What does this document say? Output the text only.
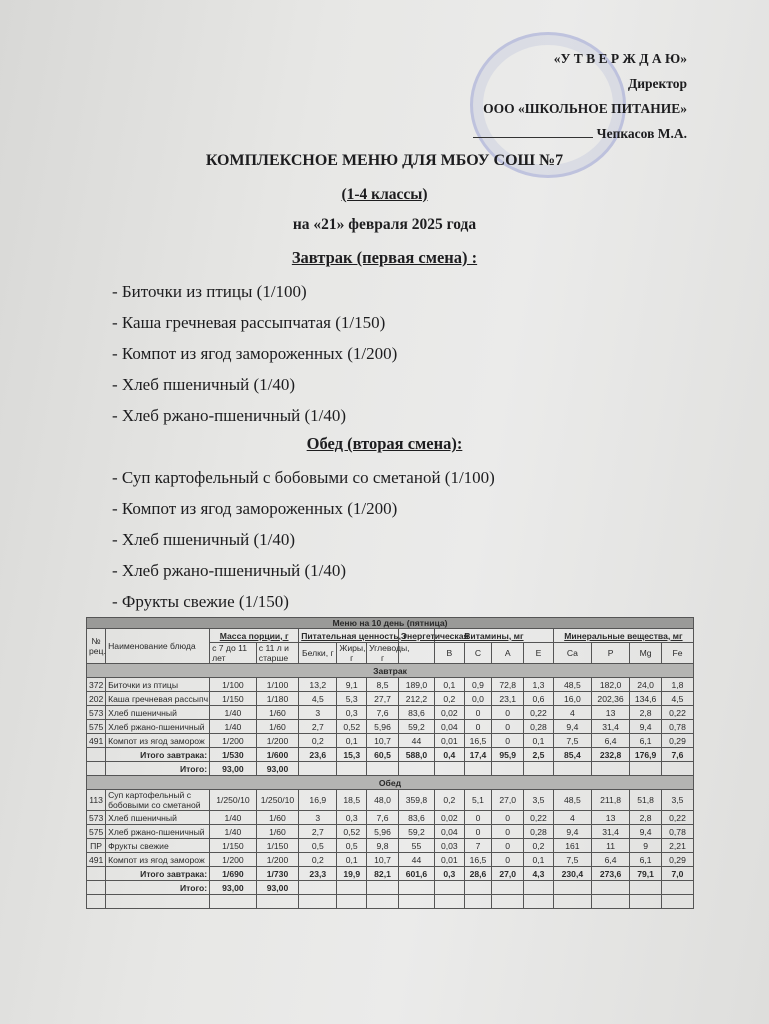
«У Т В Е Р Ж Д А Ю»
Директор
ООО «ШКОЛЬНОЕ ПИТАНИЕ»
Чепкасов М.А.
КОМПЛЕКСНОЕ МЕНЮ ДЛЯ МБОУ СОШ №7
(1-4 классы)
на «21» февраля 2025 года
Завтрак (первая смена) :
- Биточки из птицы (1/100)
- Каша гречневая рассыпчатая (1/150)
- Компот из ягод замороженных (1/200)
- Хлеб пшеничный (1/40)
- Хлеб ржано-пшеничный (1/40)
Обед (вторая смена):
- Суп картофельный с бобовыми со сметаной (1/100)
- Компот из ягод замороженных (1/200)
- Хлеб пшеничный (1/40)
- Хлеб ржано-пшеничный (1/40)
- Фрукты свежие (1/150)
Меню на 10 день (пятница)															
№ рец.	Наименование блюда	Масса порции, г		Питательная ценность, г			Энергетическая	Витамины, мг				Минеральные вещества, мг			
		с 7 до 11 лет	с 11 л и старше	Белки, г	Жиры, г	Углеводы, г		B	C	A	E	Ca	P	Mg	Fe
Завтрак															
372	Биточки из птицы	1/100	1/100	13,2	9,1	8,5	189,0	0,1	0,9	72,8	1,3	48,5	182,0	24,0	1,8
202	Каша гречневая рассыпч	1/150	1/180	4,5	5,3	27,7	212,2	0,2	0,0	23,1	0,6	16,0	202,36	134,6	4,5
573	Хлеб пшеничный	1/40	1/60	3	0,3	7,6	83,6	0,02	0	0	0,22	4	13	2,8	0,22
575	Хлеб ржано-пшеничный	1/40	1/60	2,7	0,52	5,96	59,2	0,04	0	0	0,28	9,4	31,4	9,4	0,78
491	Компот из ягод заморож	1/200	1/200	0,2	0,1	10,7	44	0,01	16,5	0	0,1	7,5	6,4	6,1	0,29
	Итого завтрака:	1/530	1/600	23,6	15,3	60,5	588,0	0,4	17,4	95,9	2,5	85,4	232,8	176,9	7,6
	Итого:	93,00	93,00												
Обед															
113	Суп картофельный с бобовыми со сметаной	1/250/10	1/250/10	16,9	18,5	48,0	359,8	0,2	5,1	27,0	3,5	48,5	211,8	51,8	3,5
573	Хлеб пшеничный	1/40	1/60	3	0,3	7,6	83,6	0,02	0	0	0,22	4	13	2,8	0,22
575	Хлеб ржано-пшеничный	1/40	1/60	2,7	0,52	5,96	59,2	0,04	0	0	0,28	9,4	31,4	9,4	0,78
ПР	Фрукты свежие	1/150	1/150	0,5	0,5	9,8	55	0,03	7	0	0,2	161	11	9	2,21
491	Компот из ягод заморож	1/200	1/200	0,2	0,1	10,7	44	0,01	16,5	0	0,1	7,5	6,4	6,1	0,29
	Итого завтрака:	1/690	1/730	23,3	19,9	82,1	601,6	0,3	28,6	27,0	4,3	230,4	273,6	79,1	7,0
	Итого:	93,00	93,00												
